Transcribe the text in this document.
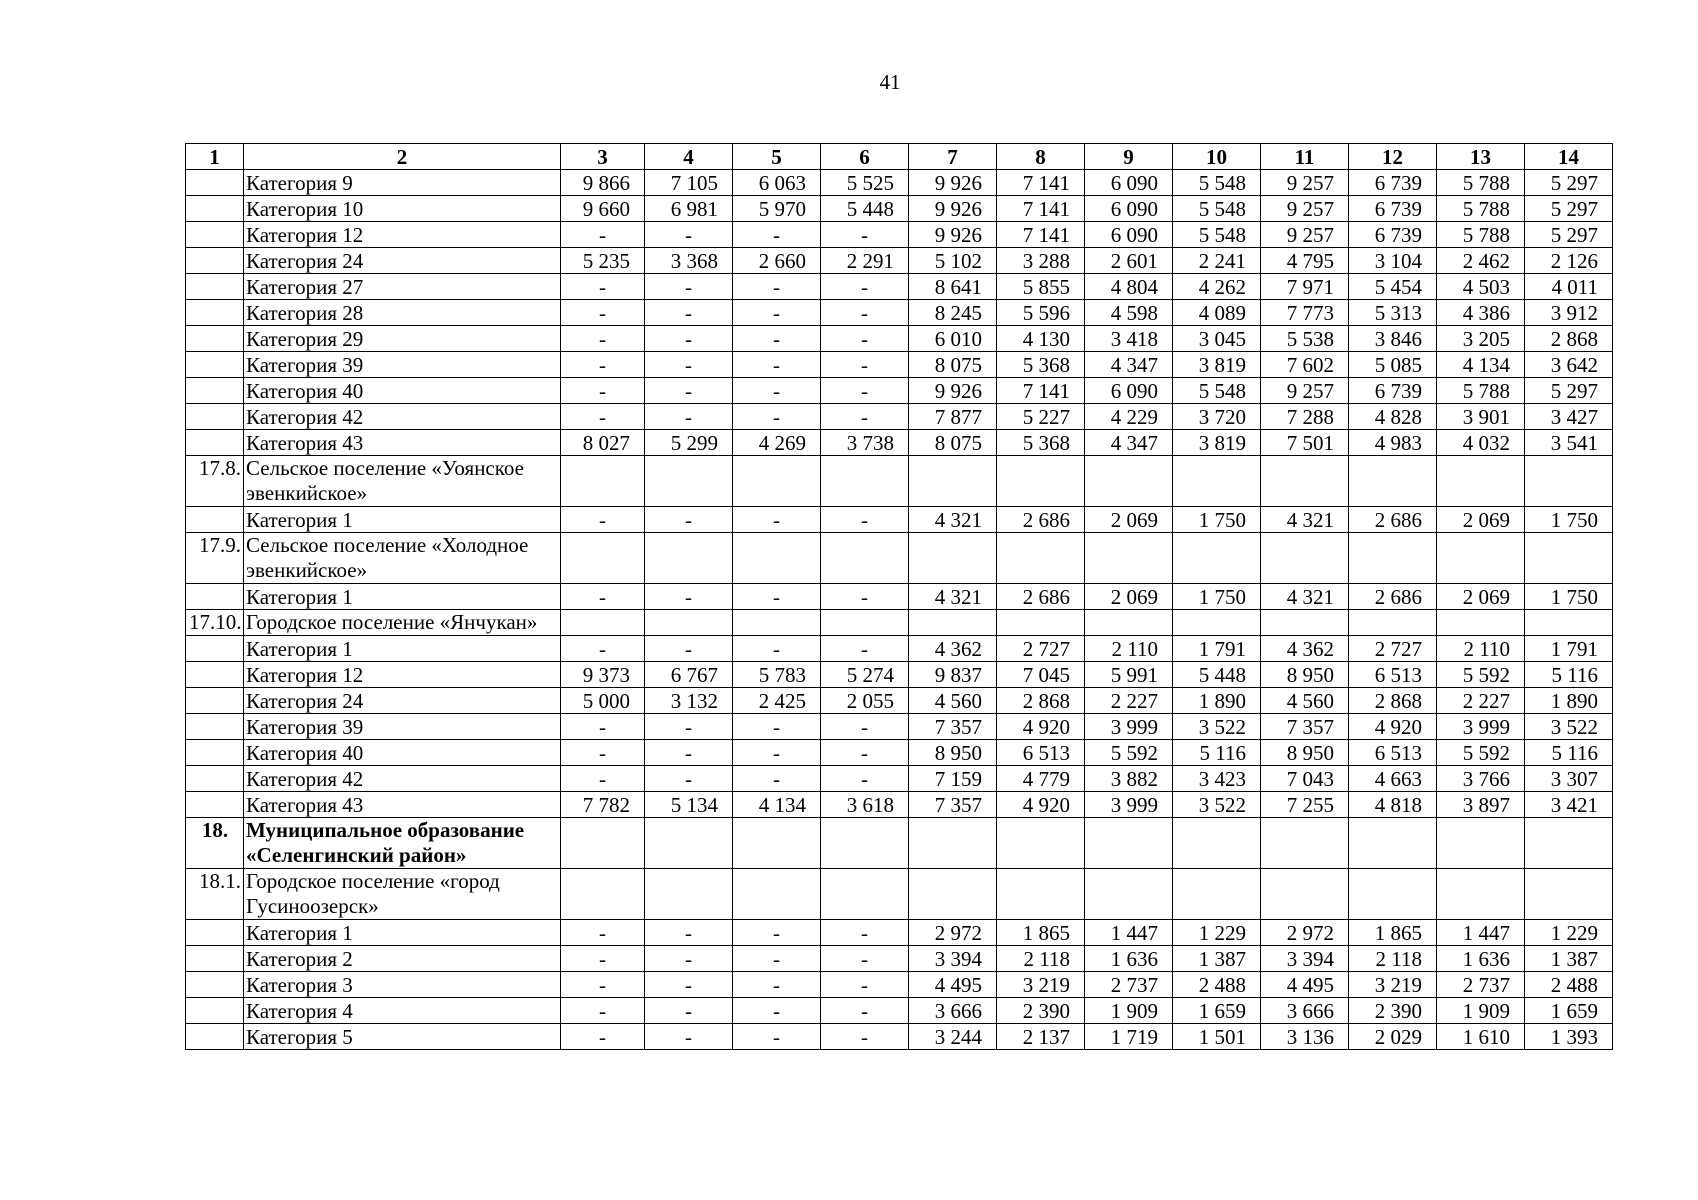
41
1	2	3	4	5	6	7	8	9	10	11	12	13	14
	Категория 9	9 866	7 105	6 063	5 525	9 926	7 141	6 090	5 548	9 257	6 739	5 788	5 297
	Категория 10	9 660	6 981	5 970	5 448	9 926	7 141	6 090	5 548	9 257	6 739	5 788	5 297
	Категория 12	-	-	-	-	9 926	7 141	6 090	5 548	9 257	6 739	5 788	5 297
	Категория 24	5 235	3 368	2 660	2 291	5 102	3 288	2 601	2 241	4 795	3 104	2 462	2 126
	Категория 27	-	-	-	-	8 641	5 855	4 804	4 262	7 971	5 454	4 503	4 011
	Категория 28	-	-	-	-	8 245	5 596	4 598	4 089	7 773	5 313	4 386	3 912
	Категория 29	-	-	-	-	6 010	4 130	3 418	3 045	5 538	3 846	3 205	2 868
	Категория 39	-	-	-	-	8 075	5 368	4 347	3 819	7 602	5 085	4 134	3 642
	Категория 40	-	-	-	-	9 926	7 141	6 090	5 548	9 257	6 739	5 788	5 297
	Категория 42	-	-	-	-	7 877	5 227	4 229	3 720	7 288	4 828	3 901	3 427
	Категория 43	8 027	5 299	4 269	3 738	8 075	5 368	4 347	3 819	7 501	4 983	4 032	3 541
17.8.	Сельское поселение «Уоянское эвенкийское»												
	Категория 1	-	-	-	-	4 321	2 686	2 069	1 750	4 321	2 686	2 069	1 750
17.9.	Сельское поселение «Холодное эвенкийское»												
	Категория 1	-	-	-	-	4 321	2 686	2 069	1 750	4 321	2 686	2 069	1 750
17.10.	Городское поселение «Янчукан»												
	Категория 1	-	-	-	-	4 362	2 727	2 110	1 791	4 362	2 727	2 110	1 791
	Категория 12	9 373	6 767	5 783	5 274	9 837	7 045	5 991	5 448	8 950	6 513	5 592	5 116
	Категория 24	5 000	3 132	2 425	2 055	4 560	2 868	2 227	1 890	4 560	2 868	2 227	1 890
	Категория 39	-	-	-	-	7 357	4 920	3 999	3 522	7 357	4 920	3 999	3 522
	Категория 40	-	-	-	-	8 950	6 513	5 592	5 116	8 950	6 513	5 592	5 116
	Категория 42	-	-	-	-	7 159	4 779	3 882	3 423	7 043	4 663	3 766	3 307
	Категория 43	7 782	5 134	4 134	3 618	7 357	4 920	3 999	3 522	7 255	4 818	3 897	3 421
18.	Муниципальное образование «Селенгинский район»												
18.1.	Городское поселение «город Гусиноозерск»												
	Категория 1	-	-	-	-	2 972	1 865	1 447	1 229	2 972	1 865	1 447	1 229
	Категория 2	-	-	-	-	3 394	2 118	1 636	1 387	3 394	2 118	1 636	1 387
	Категория 3	-	-	-	-	4 495	3 219	2 737	2 488	4 495	3 219	2 737	2 488
	Категория 4	-	-	-	-	3 666	2 390	1 909	1 659	3 666	2 390	1 909	1 659
	Категория 5	-	-	-	-	3 244	2 137	1 719	1 501	3 136	2 029	1 610	1 393
